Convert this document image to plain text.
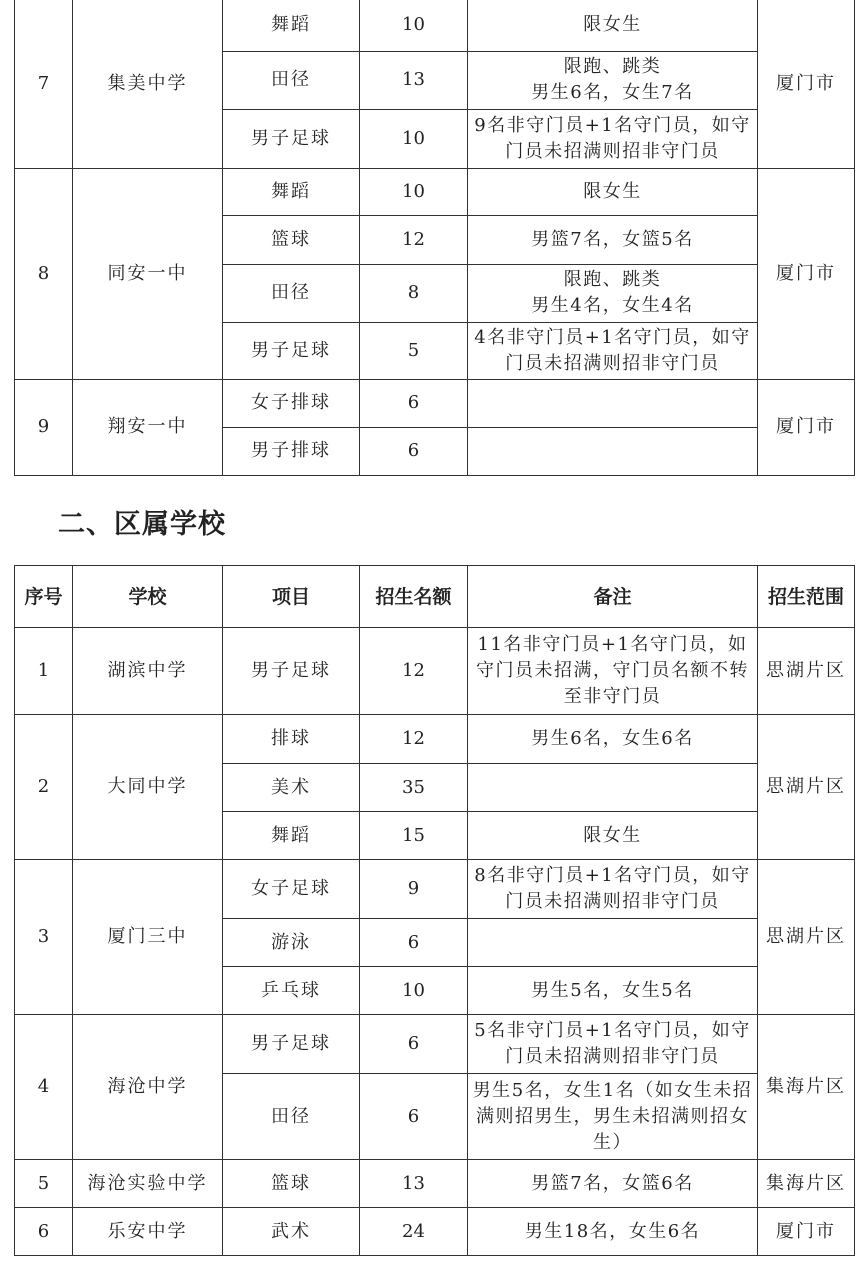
7	集美中学	舞蹈	10	限女生	厦门市
		田径	13	限跑、跳类
男生6名，女生7名	
		男子足球	10	9名非守门员+1名守门员，如守门员未招满则招非守门员	
8	同安一中	舞蹈	10	限女生	厦门市
		篮球	12	男篮7名，女篮5名	
		田径	8	限跑、跳类
男生4名，女生4名	
		男子足球	5	4名非守门员+1名守门员，如守门员未招满则招非守门员	
9	翔安一中	女子排球	6		厦门市
		男子排球	6		
二、区属学校
序号	学校	项目	招生名额	备注	招生范围
1	湖滨中学	男子足球	12	11名非守门员+1名守门员，如守门员未招满，守门员名额不转至非守门员	思湖片区
2	大同中学	排球	12	男生6名，女生6名	思湖片区
		美术	35		
		舞蹈	15	限女生	
3	厦门三中	女子足球	9	8名非守门员+1名守门员，如守门员未招满则招非守门员	思湖片区
		游泳	6		
		乒乓球	10	男生5名，女生5名	
4	海沧中学	男子足球	6	5名非守门员+1名守门员，如守门员未招满则招非守门员	集海片区
		田径	6	男生5名，女生1名（如女生未招满则招男生，男生未招满则招女生）	
5	海沧实验中学	篮球	13	男篮7名，女篮6名	集海片区
6	乐安中学	武术	24	男生18名，女生6名	厦门市
